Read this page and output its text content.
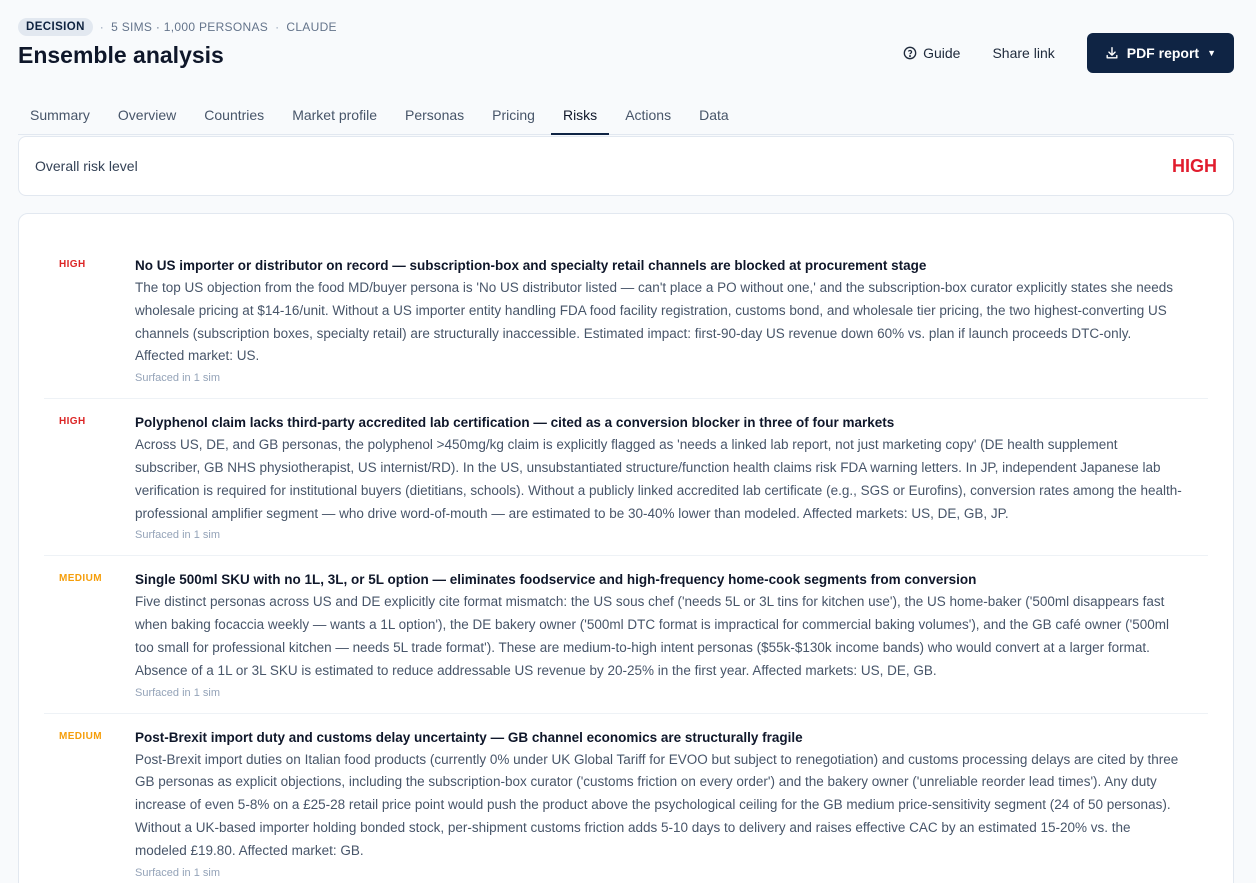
DECISION	· 5 SIMS · 1,000 PERSONAS · CLAUDE
Ensemble analysis	Guide Share link	PDF report ▼
Summary	Overview	Countries	Market profile	Personas	Pricing	Risks	Actions	Data
Overall risk level	HIGH
HIGH	No US importer or distributor on record — subscription-box and specialty retail channels are blocked at procurement stage
The top US objection from the food MD/buyer persona is 'No US distributor listed — can't place a PO without one,' and the subscription-box curator explicitly states she needs wholesale pricing at $14-16/unit. Without a US importer entity handling FDA food facility registration, customs bond, and wholesale tier pricing, the two highest-converting US channels (subscription boxes, specialty retail) are structurally inaccessible. Estimated impact: first-90-day US revenue down 60% vs. plan if launch proceeds DTC-only. Affected market: US.
Surfaced in 1 sim
HIGH	Polyphenol claim lacks third-party accredited lab certification — cited as a conversion blocker in three of four markets
Across US, DE, and GB personas, the polyphenol >450mg/kg claim is explicitly flagged as 'needs a linked lab report, not just marketing copy' (DE health supplement subscriber, GB NHS physiotherapist, US internist/RD). In the US, unsubstantiated structure/function health claims risk FDA warning letters. In JP, independent Japanese lab verification is required for institutional buyers (dietitians, schools). Without a publicly linked accredited lab certificate (e.g., SGS or Eurofins), conversion rates among the health-professional amplifier segment — who drive word-of-mouth — are estimated to be 30-40% lower than modeled. Affected markets: US, DE, GB, JP.
Surfaced in 1 sim
MEDIUM	Single 500ml SKU with no 1L, 3L, or 5L option — eliminates foodservice and high-frequency home-cook segments from conversion
Five distinct personas across US and DE explicitly cite format mismatch: the US sous chef ('needs 5L or 3L tins for kitchen use'), the US home-baker ('500ml disappears fast when baking focaccia weekly — wants a 1L option'), the DE bakery owner ('500ml DTC format is impractical for commercial baking volumes'), and the GB café owner ('500ml too small for professional kitchen — needs 5L trade format'). These are medium-to-high intent personas ($55k-$130k income bands) who would convert at a larger format. Absence of a 1L or 3L SKU is estimated to reduce addressable US revenue by 20-25% in the first year. Affected markets: US, DE, GB.
Surfaced in 1 sim
MEDIUM	Post-Brexit import duty and customs delay uncertainty — GB channel economics are structurally fragile
Post-Brexit import duties on Italian food products (currently 0% under UK Global Tariff for EVOO but subject to renegotiation) and customs processing delays are cited by three GB personas as explicit objections, including the subscription-box curator ('customs friction on every order') and the bakery owner ('unreliable reorder lead times'). Any duty increase of even 5-8% on a £25-28 retail price point would push the product above the psychological ceiling for the GB medium price-sensitivity segment (24 of 50 personas). Without a UK-based importer holding bonded stock, per-shipment customs friction adds 5-10 days to delivery and raises effective CAC by an estimated 15-20% vs. the modeled £19.80. Affected market: GB.
Surfaced in 1 sim
